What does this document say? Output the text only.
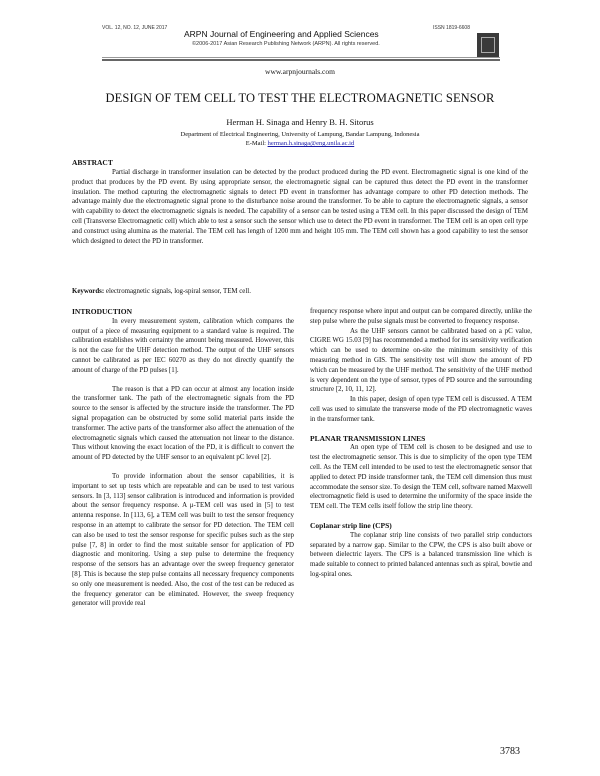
VOL. 12, NO. 12, JUNE 2017	ISSN 1819-6608
ARPN Journal of Engineering and Applied Sciences
©2006-2017 Asian Research Publishing Network (ARPN). All rights reserved.
www.arpnjournals.com
DESIGN OF TEM CELL TO TEST THE ELECTROMAGNETIC SENSOR
Herman H. Sinaga and Henry B. H. Sitorus
Department of Electrical Engineering, University of Lampung, Bandar Lampung, Indonesia
E-Mail: herman.h.sinaga@eng.unila.ac.id
ABSTRACT
Partial discharge in transformer insulation can be detected by the product produced during the PD event. Electromagnetic signal is one kind of the product that produces by the PD event. By using appropriate sensor, the electromagnetic signal can be captured thus detect the PD event in the transformer insulation. The method capturing the electromagnetic signals to detect PD event in transformer has advantage compare to other PD detection methods. The advantage mainly due the electromagnetic signal prone to the disturbance noise around the transformer. To be able to capture the electromagnetic signals, a sensor with capability to detect the electromagnetic signals is needed. The capability of a sensor can be tested using a TEM cell. In this paper discussed the design of TEM cell (Transverse Electromagnetic cell) which able to test a sensor such the sensor which use to detect the PD event in transformer. The TEM cell is an open cell type and construct using alumina as the material. The TEM cell has length of 1200 mm and height 105 mm. The TEM cell shown has a good capability to test the sensor which designed to detect the PD in transformer.
Keywords: electromagnetic signals, log-spiral sensor, TEM cell.
INTRODUCTION

In every measurement system, calibration which compares the output of a piece of measuring equipment to a standard value is required. The calibration establishes with certainty the amount being measured. However, this is not the case for the UHF detection method. The output of the UHF sensors cannot be calibrated as per IEC 60270 as they do not directly quantify the amount of charge of the PD pulses [1].

The reason is that a PD can occur at almost any location inside the transformer tank. The path of the electromagnetic signals from the PD source to the sensor is affected by the structure inside the transformer. The PD signal propagation can be obstructed by some solid material parts inside the transformer. The active parts of the transformer also affect the attenuation of the electromagnetic signals which caused the attenuation not linear to the distance. Thus without knowing the exact location of the PD, it is difficult to convert the amount of PD detected by the UHF sensor to an equivalent pC level [2].

To provide information about the sensor capabilities, it is important to set up tests which are repeatable and can be used to test various sensors. In [3, 113] sensor calibration is introduced and information is provided about the sensor frequency response. A μ-TEM cell was used in [5] to test antenna response. In [113, 6], a TEM cell was built to test the sensor frequency response in an attempt to calibrate the sensor for PD detection. The TEM cell can also be used to test the sensor response for specific pulses such as the step pulse [7, 8] in order to find the most suitable sensor for application of PD diagnostic and monitoring. Using a step pulse to determine the frequency response of the sensors has an advantage over the sweep frequency generator [8]. This is because the step pulse contains all necessary frequency components so only one measurement is needed. Also, the cost of the test can be reduced as the frequency generator can be eliminated. However, the sweep frequency generator will provide real

frequency response where input and output can be compared directly, unlike the step pulse where the pulse signals must be converted to frequency response.

As the UHF sensors cannot be calibrated based on a pC value, CIGRE WG 15.03 [9] has recommended a method for its sensitivity verification which can be used to determine on-site the minimum sensitivity of this measuring method in GIS. The sensitivity test will show the amount of PD which can be measured by the UHF method. The sensitivity of the UHF method is very dependent on the type of sensor, types of PD source and the surrounding structure [2, 10, 11, 12].

In this paper, design of open type TEM cell is discussed. A TEM cell was used to simulate the transverse mode of the PD electromagnetic waves in the transformer tank.

PLANAR TRANSMISSION LINES

An open type of TEM cell is chosen to be designed and use to test the electromagnetic sensor. This is due to simplicity of the open type TEM cell. As the TEM cell intended to be used to test the electromagnetic sensor that applied to detect PD inside transformer tank, the TEM cell dimension thus must accommodate the sensor size. To design the TEM cell, software named Maxwell electromagnetic field is used to determine the uniformity of the space inside the TEM cell. The TEM cells itself follow the strip line theory.

Coplanar strip line (CPS)

The coplanar strip line consists of two parallel strip conductors separated by a narrow gap. Similar to the CPW, the CPS is also built above or between dielectric layers. The CPS is a balanced transmission line which is made suitable to connect to printed balanced antennas such as spiral, bowtie and log-spiral ones.

3783
